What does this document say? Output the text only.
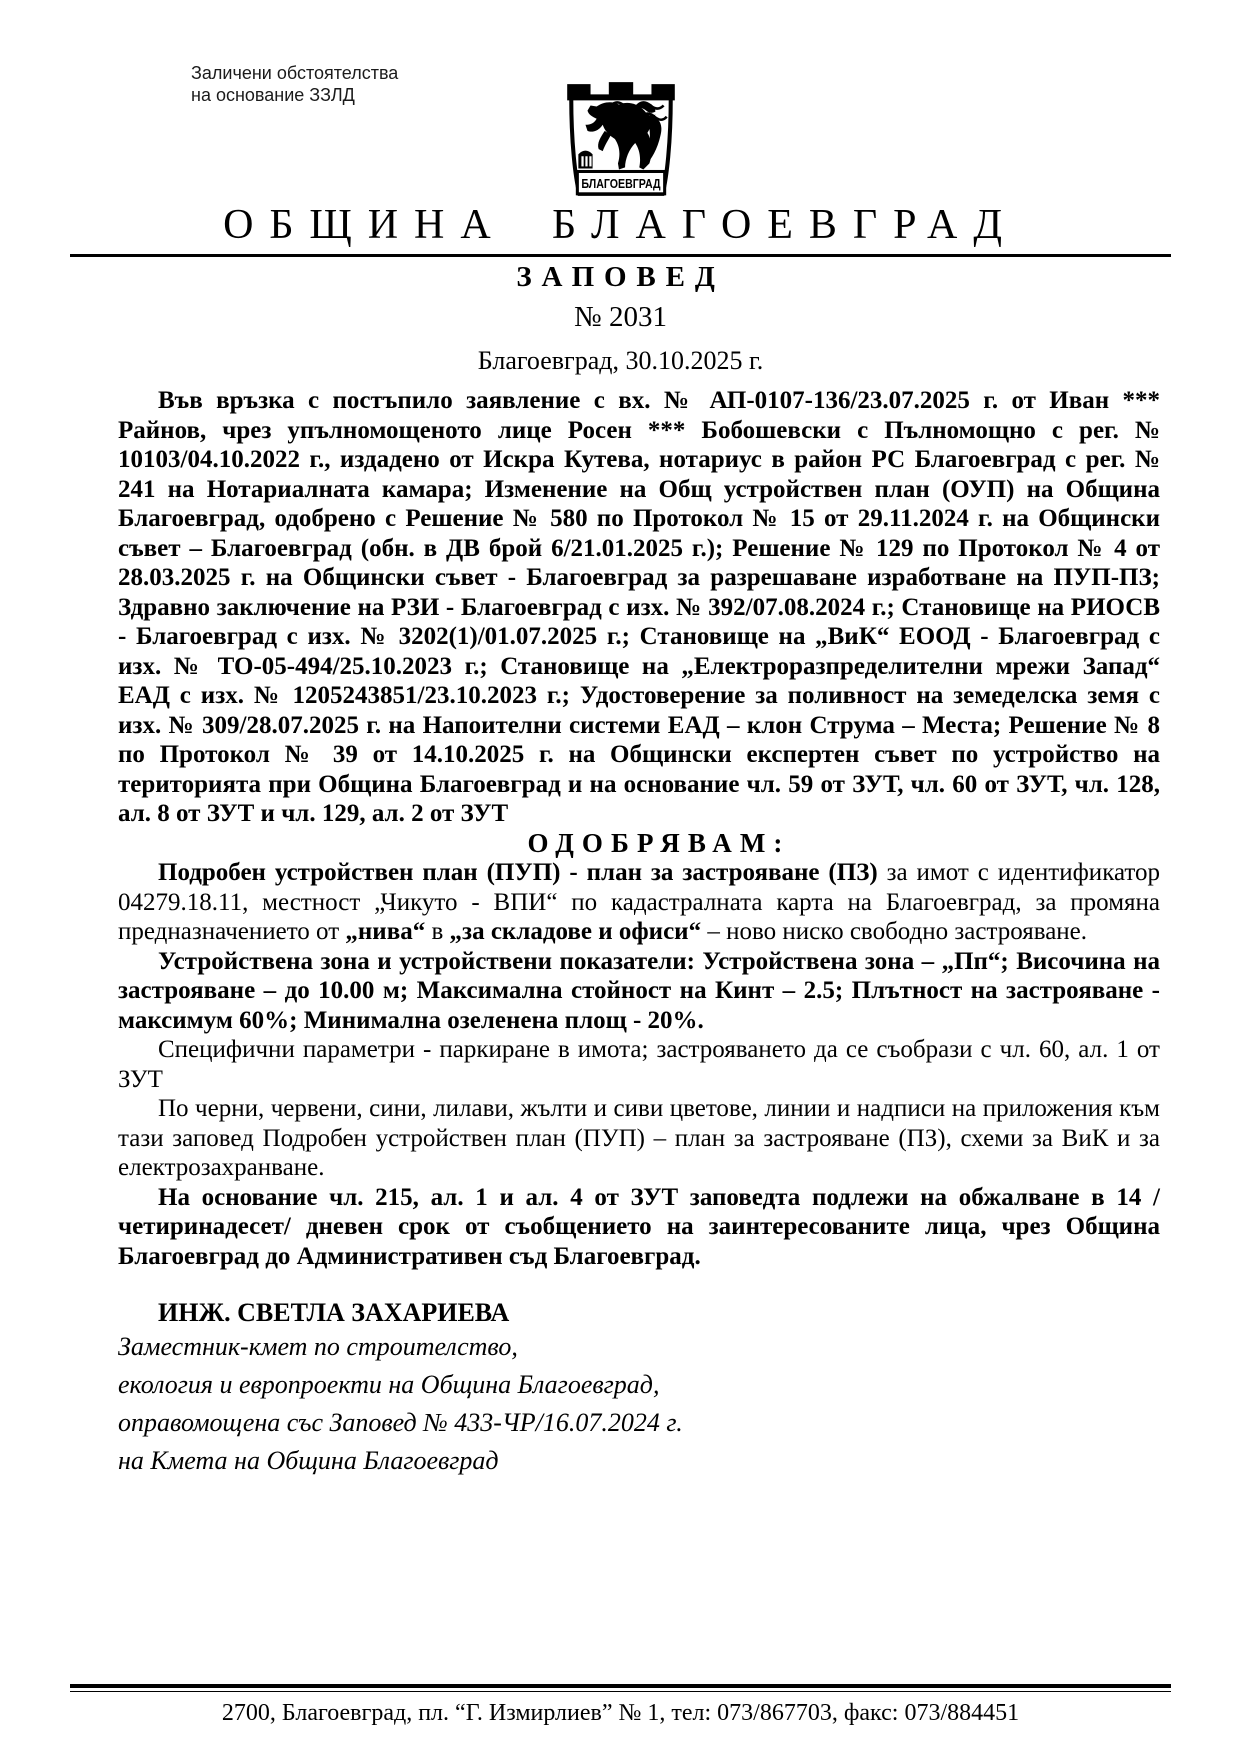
Заличени обстоятелства
на основание ЗЗЛД
БЛАГОЕВГРАД
ОБЩИНА БЛАГОЕВГРАД
ЗАПОВЕД
№ 2031
Благоевград, 30.10.2025 г.

Във връзка с постъпило заявление с вх. № АП-0107-136/23.07.2025 г. от Иван *** Райнов, чрез упълномощеното лице Росен *** Бобошевски с Пълномощно с рег. № 10103/04.10.2022 г., издадено от Искра Кутева, нотариус в район РС Благоевград с рег. № 241 на Нотариалната камара; Изменение на Общ устройствен план (ОУП) на Община Благоевград, одобрено с Решение № 580 по Протокол № 15 от 29.11.2024 г. на Общински съвет – Благоевград (обн. в ДВ брой 6/21.01.2025 г.); Решение № 129 по Протокол № 4 от 28.03.2025 г. на Общински съвет - Благоевград за разрешаване изработване на ПУП-ПЗ; Здравно заключение на РЗИ - Благоевград с изх. № 392/07.08.2024 г.; Становище на РИОСВ - Благоевград с изх. № 3202(1)/01.07.2025 г.; Становище на „ВиК“ ЕООД - Благоевград с изх. № ТО-05-494/25.10.2023 г.; Становище на „Електроразпределителни мрежи Запад“ ЕАД с изх. № 1205243851/23.10.2023 г.; Удостоверение за поливност на земеделска земя с изх. № 309/28.07.2025 г. на Напоителни системи ЕАД – клон Струма – Места; Решение № 8 по Протокол № 39 от 14.10.2025 г. на Общински експертен съвет по устройство на територията при Община Благоевград и на основание чл. 59 от ЗУТ, чл. 60 от ЗУТ, чл. 128, ал. 8 от ЗУТ и чл. 129, ал. 2 от ЗУТ

ОДОБРЯВАМ:

Подробен устройствен план (ПУП) - план за застрояване (ПЗ) за имот с идентификатор 04279.18.11, местност „Чикуто - ВПИ“ по кадастралната карта на Благоевград, за промяна предназначението от „нива“ в „за складове и офиси“ – ново ниско свободно застрояване.

Устройствена зона и устройствени показатели: Устройствена зона – „Пп“; Височина на застрояване – до 10.00 м; Максимална стойност на Кинт – 2.5; Плътност на застрояване - максимум 60%; Минимална озеленена площ - 20%.

Специфични параметри - паркиране в имота; застрояването да се съобрази с чл. 60, ал. 1 от ЗУТ

По черни, червени, сини, лилави, жълти и сиви цветове, линии и надписи на приложения към тази заповед Подробен устройствен план (ПУП) – план за застрояване (ПЗ), схеми за ВиК и за електрозахранване.

На основание чл. 215, ал. 1 и ал. 4 от ЗУТ заповедта подлежи на обжалване в 14 /четиринадесет/ дневен срок от съобщението на заинтересованите лица, чрез Община Благоевград до Административен съд Благоевград.

ИНЖ. СВЕТЛА ЗАХАРИЕВА

Заместник-кмет по строителство,
екология и европроекти на Община Благоевград,
оправомощена със Заповед № 433-ЧР/16.07.2024 г.
на Кмета на Община Благоевград
2700, Благоевград, пл. “Г. Измирлиев” № 1, тел: 073/867703, факс: 073/884451
